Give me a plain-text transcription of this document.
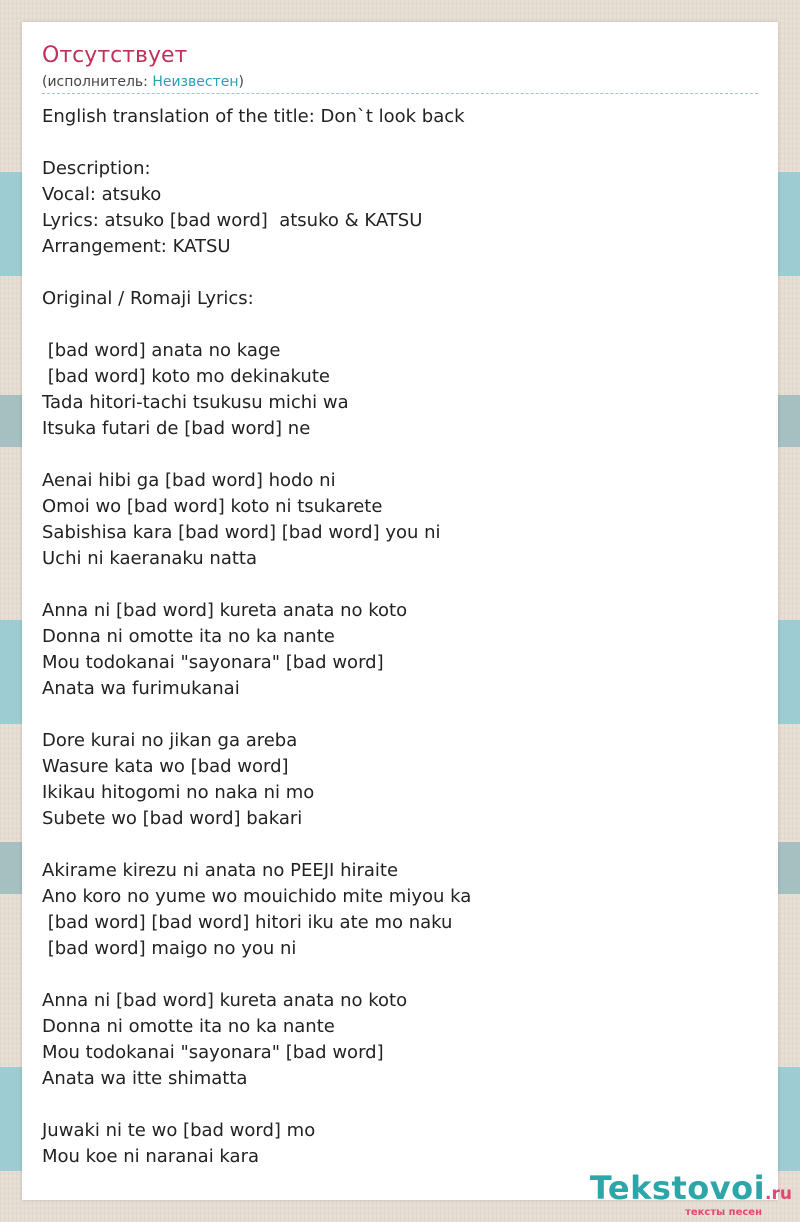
Отсутствует
(исполнитель: Неизвестен)
English translation of the title: Don`t look back

Description:
Vocal: atsuko
Lyrics: atsuko [bad word]  atsuko & KATSU
Arrangement: KATSU

Original / Romaji Lyrics:

[bad word] anata no kage
[bad word] koto mo dekinakute
Tada hitori-tachi tsukusu michi wa
Itsuka futari de [bad word] ne

Aenai hibi ga [bad word] hodo ni
Omoi wo [bad word] koto ni tsukarete
Sabishisa kara [bad word] [bad word] you ni
Uchi ni kaeranaku natta

Anna ni [bad word] kureta anata no koto
Donna ni omotte ita no ka nante
Mou todokanai "sayonara" [bad word]
Anata wa furimukanai

Dore kurai no jikan ga areba
Wasure kata wo [bad word]
Ikikau hitogomi no naka ni mo
Subete wo [bad word] bakari

Akirame kirezu ni anata no PEEJI hiraite
Ano koro no yume wo mouichido mite miyou ka
[bad word] [bad word] hitori iku ate mo naku
[bad word] maigo no you ni

Anna ni [bad word] kureta anata no koto
Donna ni omotte ita no ka nante
Mou todokanai "sayonara" [bad word]
Anata wa itte shimatta

Juwaki ni te wo [bad word] mo
Mou koe ni naranai kara
Tekstovoi.ru
тексты песен
